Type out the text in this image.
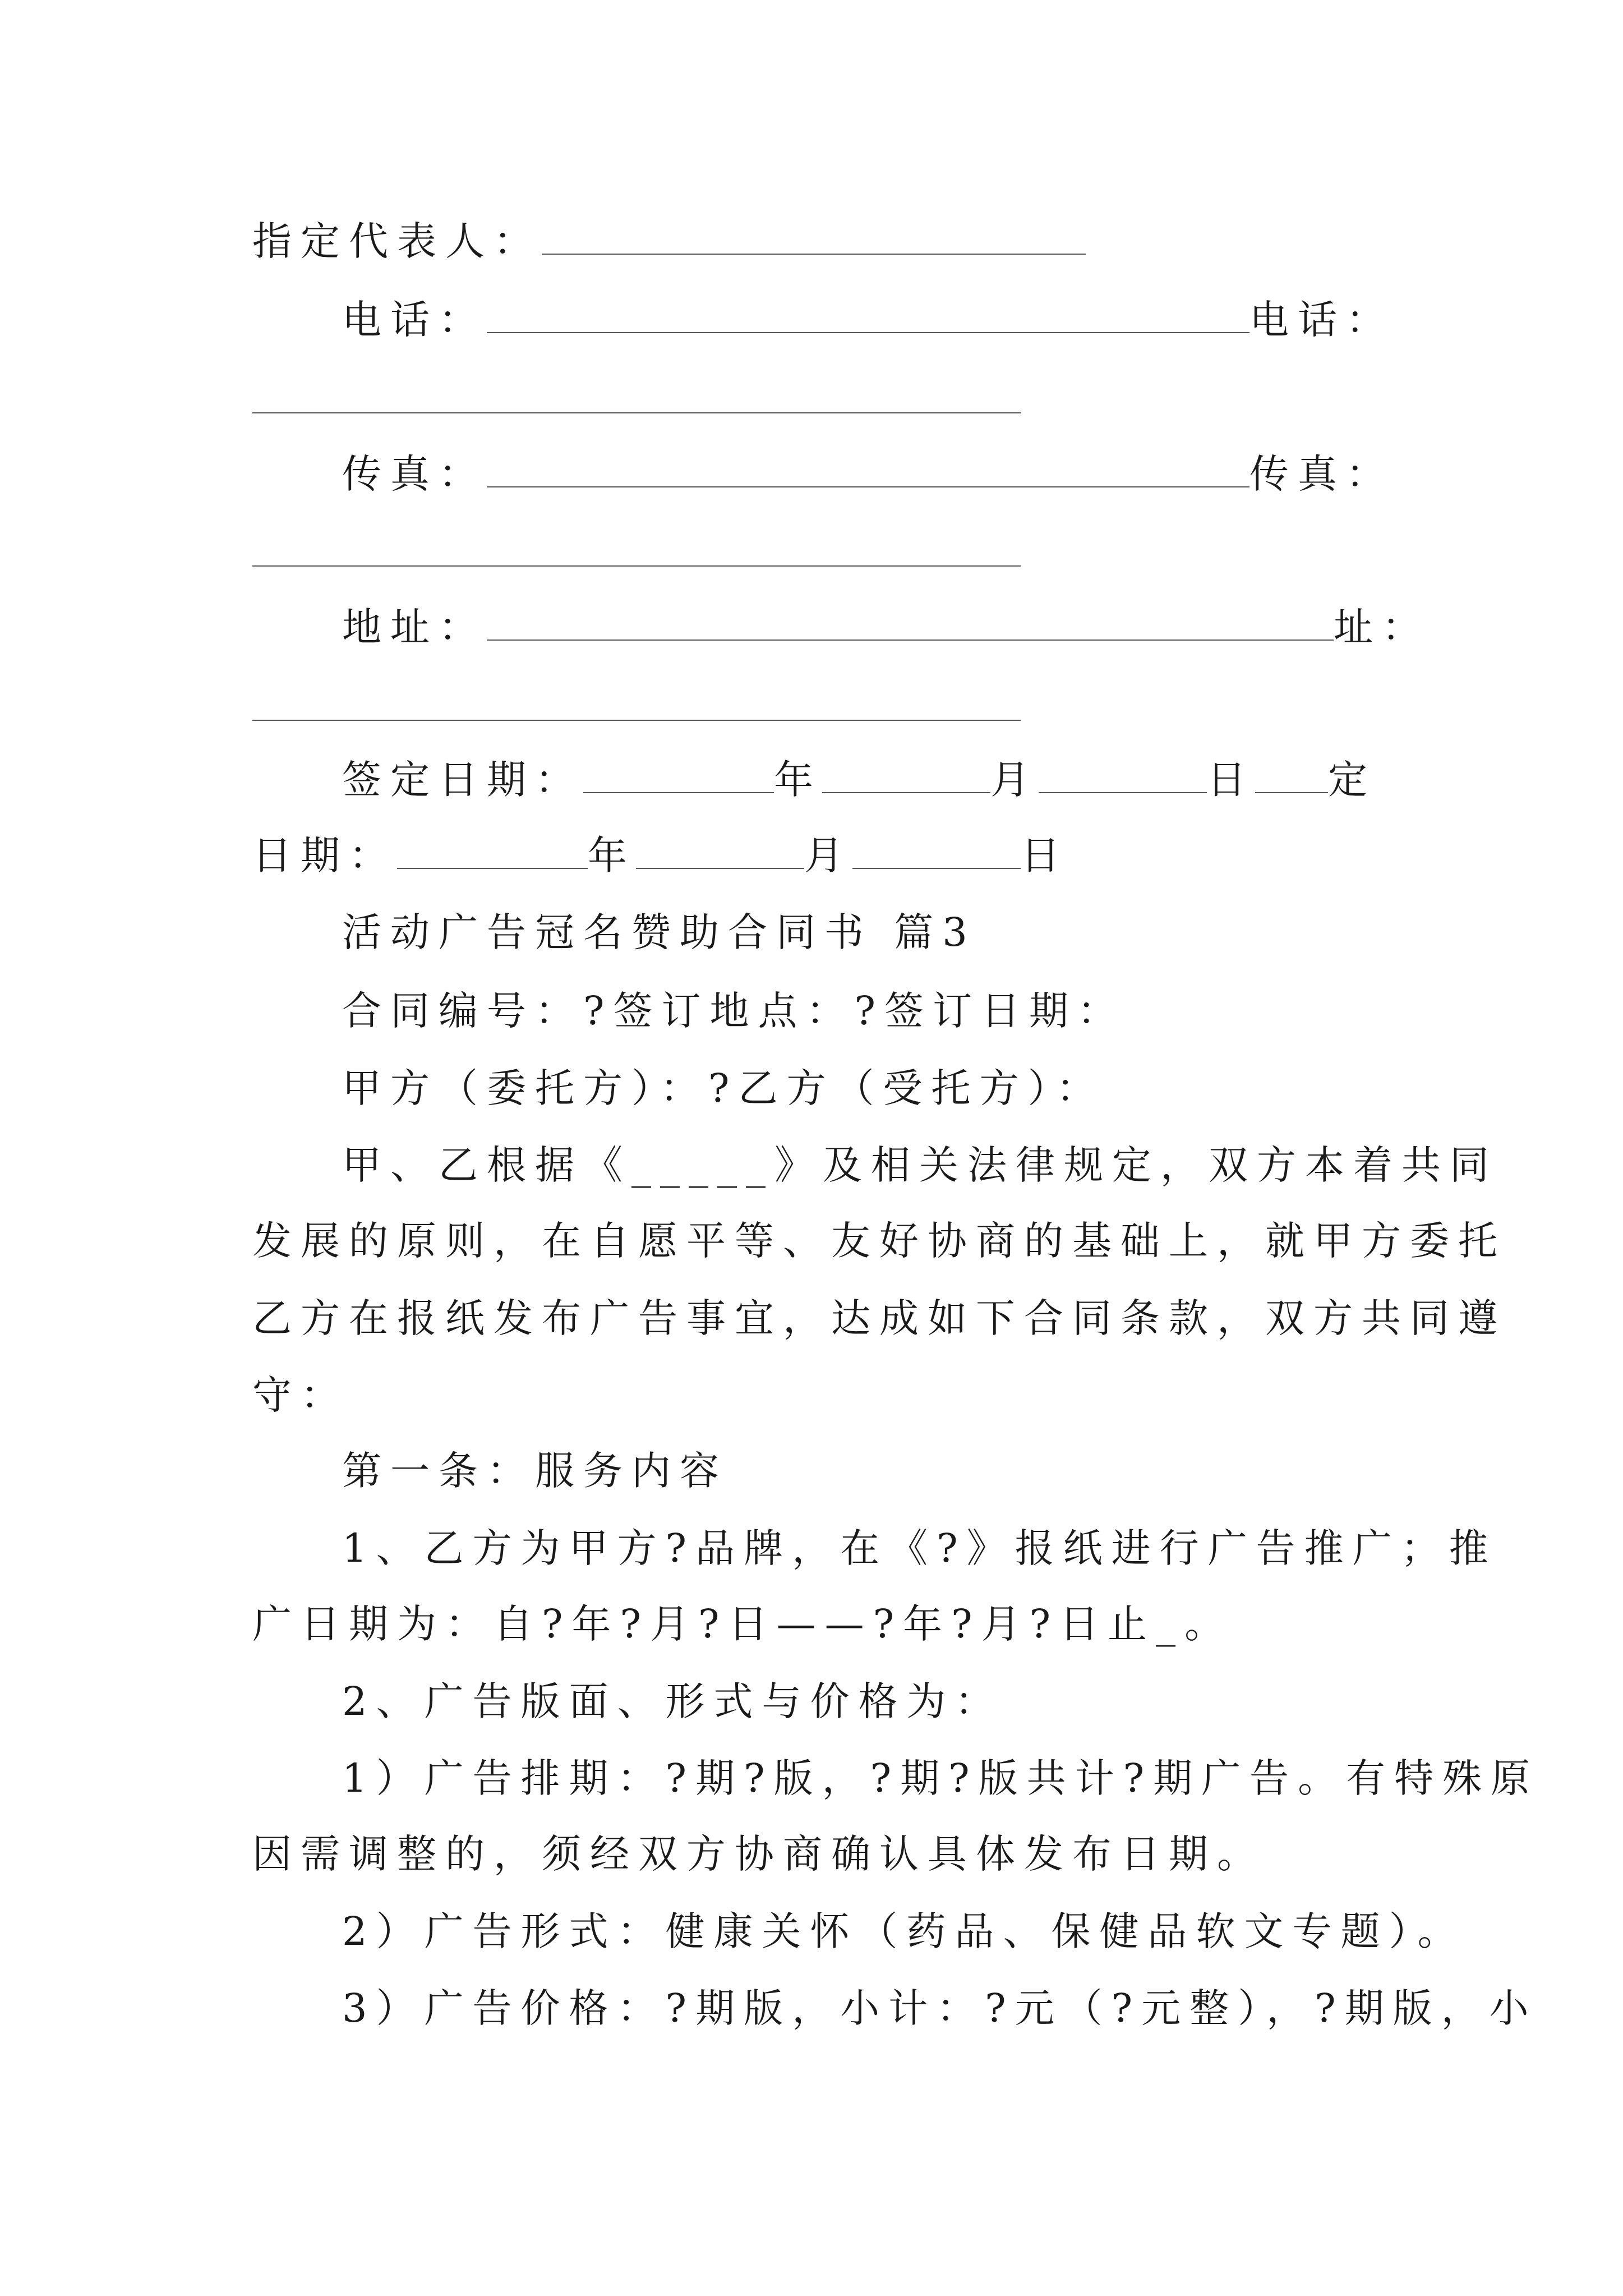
指定代表人：
电话：	电话：
传真：	传真：
地址：	址：
签定日期：	年	月	日 定
日期：	年	月	日
活动广告冠名赞助合同书 篇3
合同编号：?签订地点：?签订日期：
甲方（委托方）：?乙方（受托方）：
甲、乙根据《_____》及相关法律规定，双方本着共同
发展的原则，在自愿平等、友好协商的基础上，就甲方委托
乙方在报纸发布广告事宜，达成如下合同条款，双方共同遵
守：
第一条：服务内容
1、乙方为甲方?品牌，在《?》报纸进行广告推广；推
广日期为：自?年?月?日——?年?月?日止_。
2、广告版面、形式与价格为：
1）广告排期：?期?版，?期?版共计?期广告。有特殊原
因需调整的，须经双方协商确认具体发布日期。
2）广告形式：健康关怀（药品、保健品软文专题）。
3）广告价格：?期版，小计：?元（?元整），?期版，小
